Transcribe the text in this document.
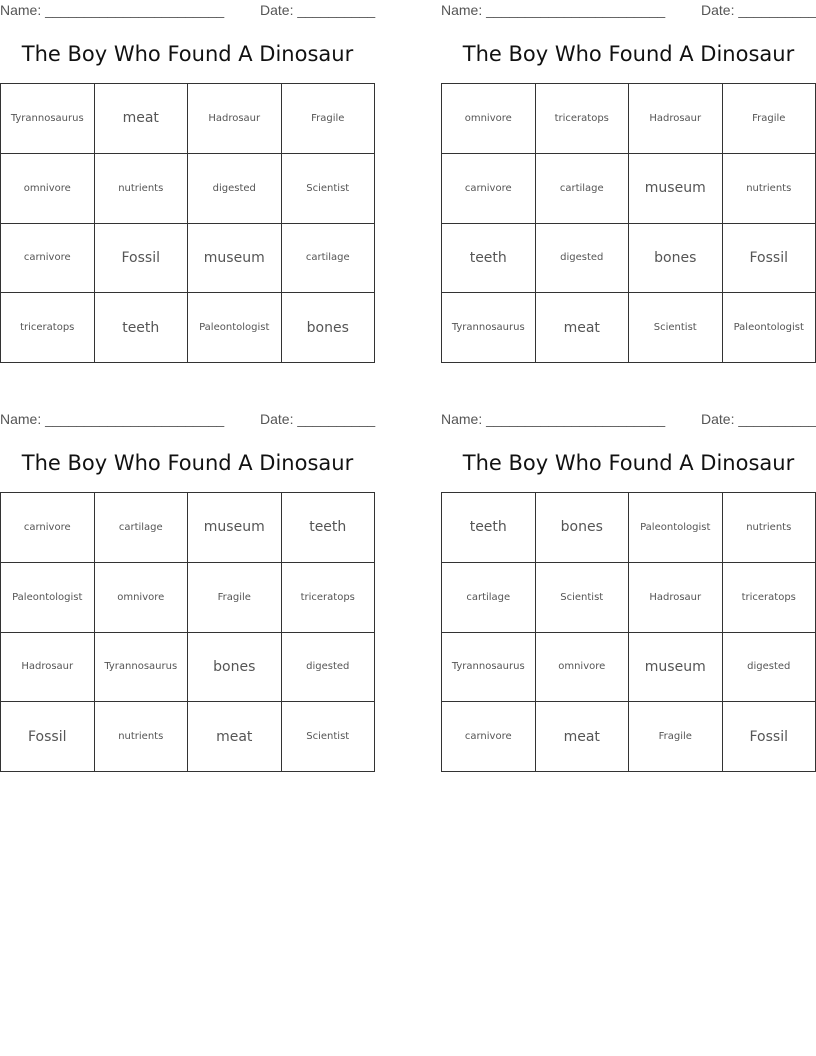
Name: _______________________	Date: __________
The Boy Who Found A Dinosaur
Tyrannosaurus	meat	Hadrosaur	Fragile
omnivore	nutrients	digested	Scientist
carnivore	Fossil	museum	cartilage
triceratops	teeth	Paleontologist	bones
Name: _______________________	Date: __________
The Boy Who Found A Dinosaur
omnivore	triceratops	Hadrosaur	Fragile
carnivore	cartilage	museum	nutrients
teeth	digested	bones	Fossil
Tyrannosaurus	meat	Scientist	Paleontologist
Name: _______________________	Date: __________
The Boy Who Found A Dinosaur
carnivore	cartilage	museum	teeth
Paleontologist	omnivore	Fragile	triceratops
Hadrosaur	Tyrannosaurus	bones	digested
Fossil	nutrients	meat	Scientist
Name: _______________________	Date: __________
The Boy Who Found A Dinosaur
teeth	bones	Paleontologist	nutrients
cartilage	Scientist	Hadrosaur	triceratops
Tyrannosaurus	omnivore	museum	digested
carnivore	meat	Fragile	Fossil
